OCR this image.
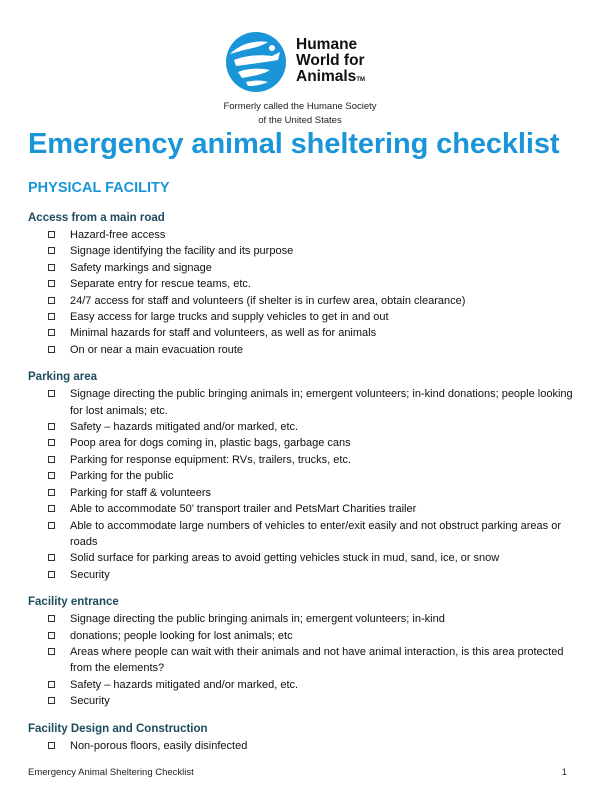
Humane
World for
AnimalsTM
Formerly called the Humane Society
of the United States
Emergency animal sheltering checklist
PHYSICAL FACILITY
Access from a main road
Hazard-free access
Signage identifying the facility and its purpose
Safety markings and signage
Separate entry for rescue teams, etc.
24/7 access for staff and volunteers (if shelter is in curfew area, obtain clearance)
Easy access for large trucks and supply vehicles to get in and out
Minimal hazards for staff and volunteers, as well as for animals
On or near a main evacuation route
Parking area
Signage directing the public bringing animals in; emergent volunteers; in-kind donations; people looking for lost animals; etc.
Safety – hazards mitigated and/or marked, etc.
Poop area for dogs coming in, plastic bags, garbage cans
Parking for response equipment: RVs, trailers, trucks, etc.
Parking for the public
Parking for staff & volunteers
Able to accommodate 50’ transport trailer and PetsMart Charities trailer
Able to accommodate large numbers of vehicles to enter/exit easily and not obstruct parking areas or roads
Solid surface for parking areas to avoid getting vehicles stuck in mud, sand, ice, or snow
Security
Facility entrance
Signage directing the public bringing animals in; emergent volunteers; in-kind
donations; people looking for lost animals; etc
Areas where people can wait with their animals and not have animal interaction, is this area protected from the elements?
Safety – hazards mitigated and/or marked, etc.
Security
Facility Design and Construction
Non-porous floors, easily disinfected
Emergency Animal Sheltering Checklist	1
